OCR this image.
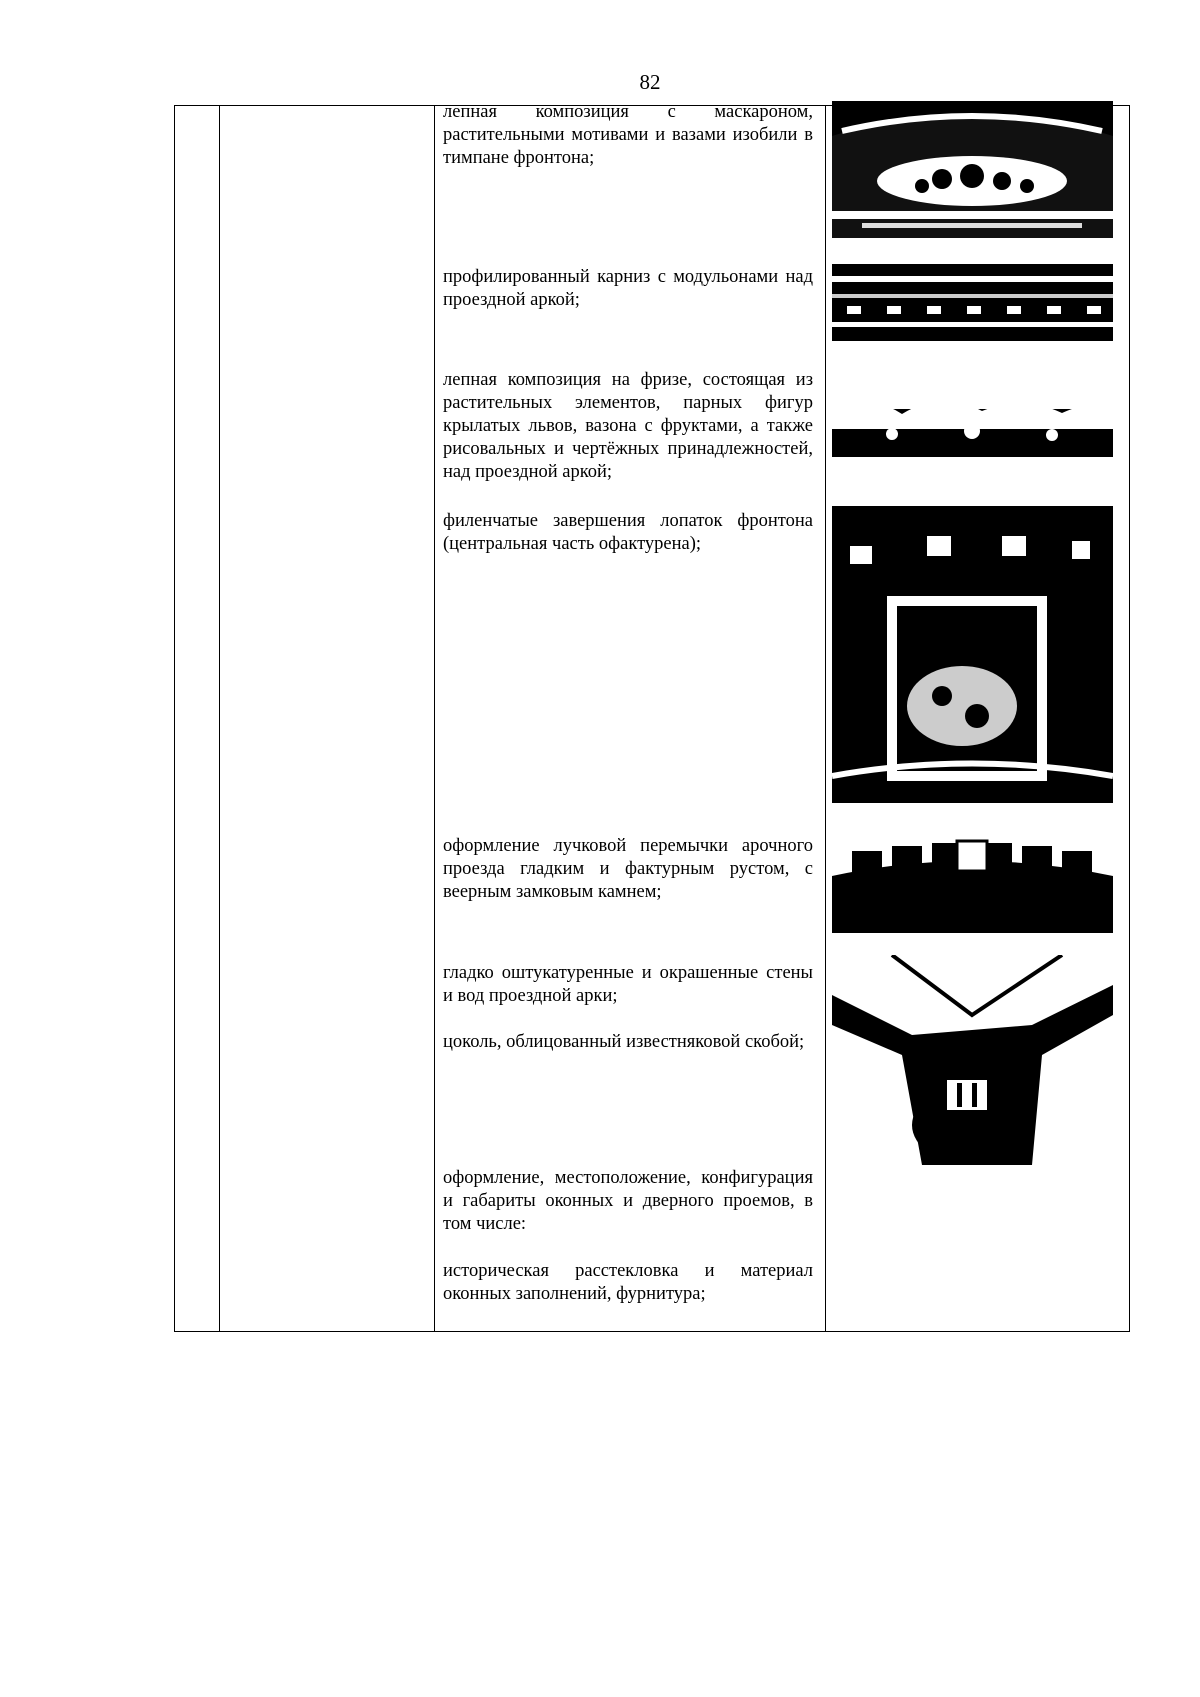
82
лепная композиция с маскароном, растительными мотивами и вазами изобили в тимпане фронтона;
профилированный карниз с модульонами над проездной аркой;
лепная композиция на фризе, состоящая из растительных элементов, парных фигур крылатых львов, вазона с фруктами, а также рисовальных и чертёжных принадлежностей, над проездной аркой;
филенчатые завершения лопаток фронтона (центральная часть офактурена);
оформление лучковой перемычки арочного проезда гладким и фактурным рустом, с веерным замковым камнем;
гладко оштукатуренные и окрашенные стены и вод проездной арки;
цоколь, облицованный известняковой скобой;
оформление, местоположение, конфигурация и габариты оконных и дверного проемов, в том числе:
историческая расстекловка и материал оконных заполнений, фурнитура;
